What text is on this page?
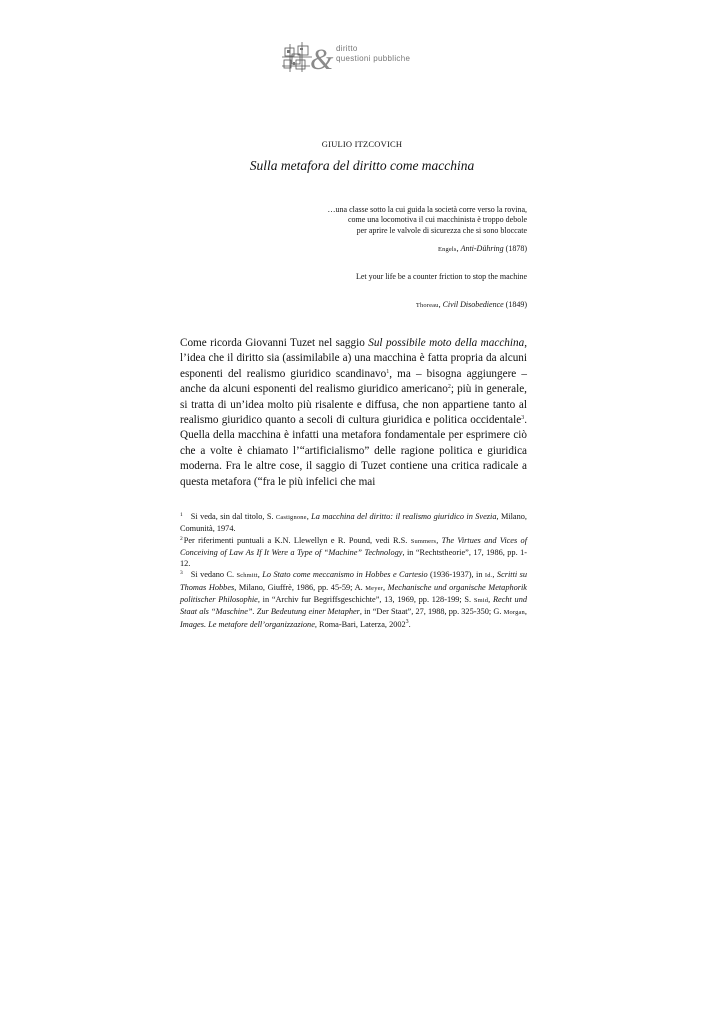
& diritto
questioni pubbliche
GIULIO ITZCOVICH
Sulla metafora del diritto come macchina
…una classe sotto la cui guida la società corre verso la rovina,
come una locomotiva il cui macchinista è troppo debole
per aprire le valvole di sicurezza che si sono bloccate
Engels, Anti-Dühring (1878)
Let your life be a counter friction to stop the machine
Thoreau, Civil Disobedience (1849)

Come ricorda Giovanni Tuzet nel saggio Sul possibile moto della macchina, l’idea che il diritto sia (assimilabile a) una macchina è fatta propria da alcuni esponenti del realismo giuridico scandinavo$^1$, ma – bisogna aggiungere – anche da alcuni esponenti del realismo giuridico americano$^2$; più in generale, si tratta di un’idea molto più risalente e diffusa, che non appartiene tanto al realismo giuridico quanto a secoli di cultura giuridica e politica occidentale$^3$. Quella della macchina è infatti una metafora fondamentale per esprimere ciò che a volte è chiamato l’“artificialismo” delle ragione politica e giuridica moderna. Fra le altre cose, il saggio di Tuzet contiene una critica radicale a questa metafora (“fra le più infelici che mai

$^1$ Si veda, sin dal titolo, S. Castignone, La macchina del diritto: il realismo giuridico in Svezia, Milano, Comunità, 1974.

$^2$Per riferimenti puntuali a K.N. Llewellyn e R. Pound, vedi R.S. Summers, The Virtues and Vices of Conceiving of Law As If It Were a Type of “Machine” Technology, in “Rechtstheorie”, 17, 1986, pp. 1-12.

$^3$ Si vedano C. Schmitt, Lo Stato come meccanismo in Hobbes e Cartesio (1936-1937), in Id., Scritti su Thomas Hobbes, Milano, Giuffrè, 1986, pp. 45-59; A. Meyer, Mechanische und organische Metaphorik politischer Philosophie, in “Archiv fur Begriffsgeschichte”, 13, 1969, pp. 128-199; S. Smid, Recht und Staat als “Maschine”. Zur Bedeutung einer Metapher, in “Der Staat”, 27, 1988, pp. 325-350; G. Morgan, Images. Le metafore dell’organizzazione, Roma-Bari, Laterza, 2002$^3$.
